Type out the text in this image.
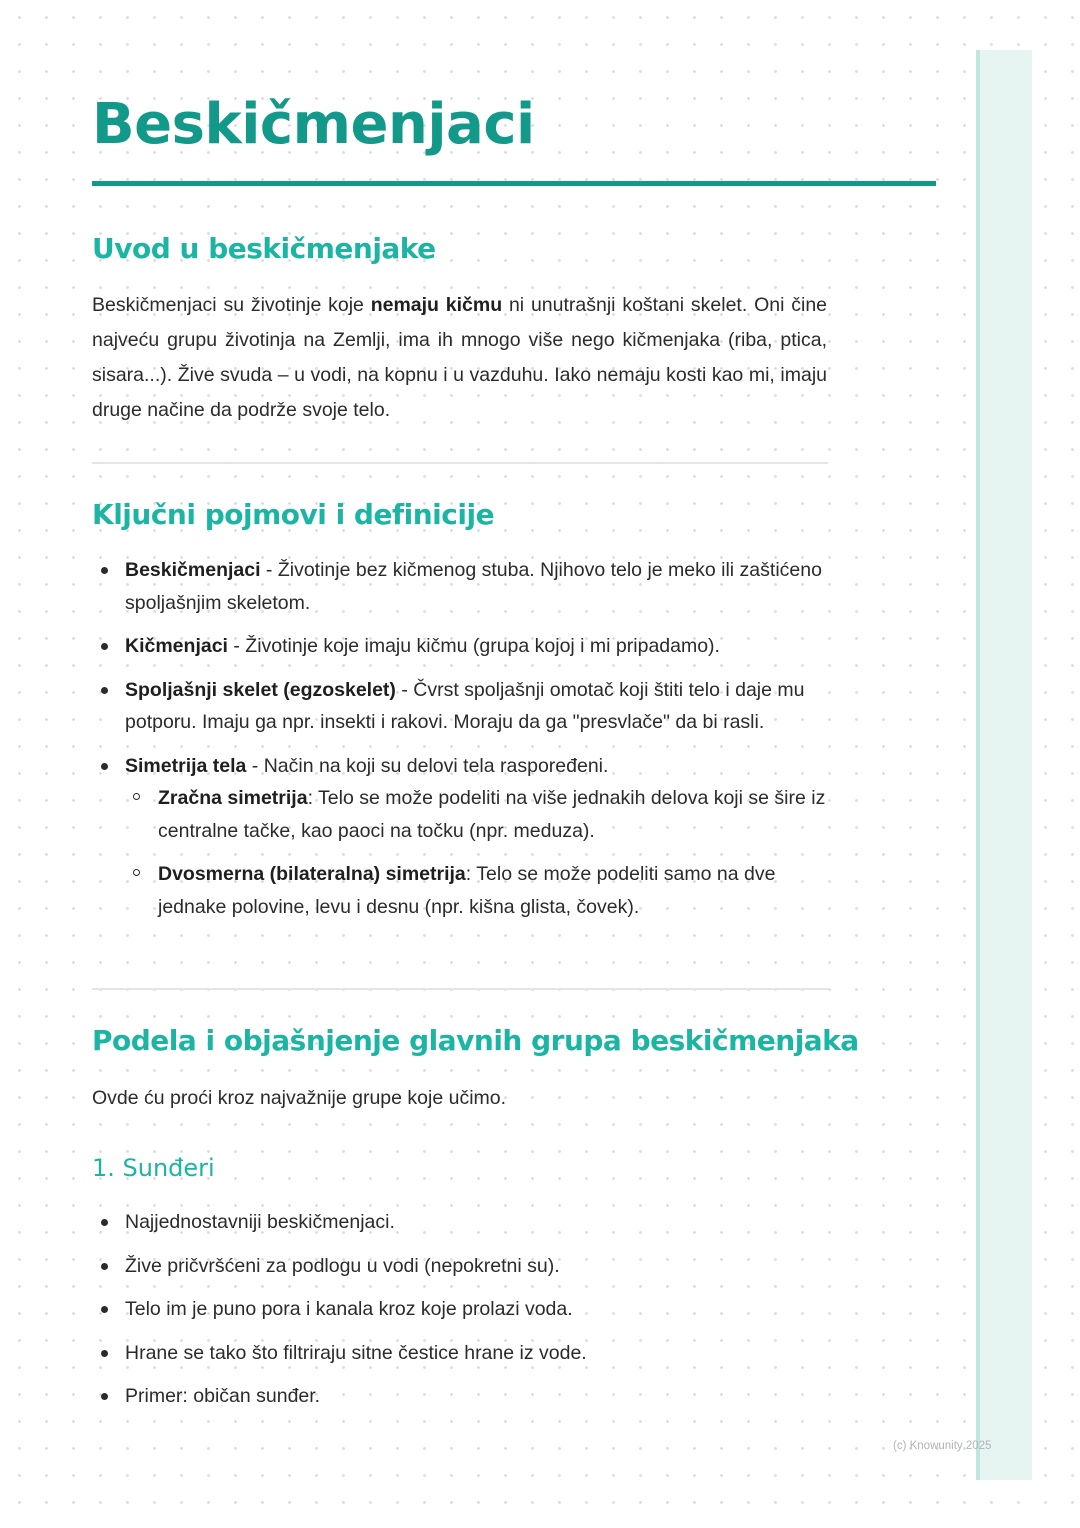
Beskičmenjaci
Uvod u beskičmenjake

Beskičmenjaci su životinje koje nemaju kičmu ni unutrašnji koštani skelet. Oni čine najveću grupu životinja na Zemlji, ima ih mnogo više nego kičmenjaka (riba, ptica, sisara...). Žive svuda – u vodi, na kopnu i u vazduhu. Iako nemaju kosti kao mi, imaju druge načine da podrže svoje telo.

Ključni pojmovi i definicije
Beskičmenjaci - Životinje bez kičmenog stuba. Njihovo telo je meko ili zaštićeno spoljašnjim skeletom.
Kičmenjaci - Životinje koje imaju kičmu (grupa kojoj i mi pripadamo).
Spoljašnji skelet (egzoskelet) - Čvrst spoljašnji omotač koji štiti telo i daje mu potporu. Imaju ga npr. insekti i rakovi. Moraju da ga "presvlače" da bi rasli.
Simetrija tela - Način na koji su delovi tela raspoređeni.
Zračna simetrija: Telo se može podeliti na više jednakih delova koji se šire iz centralne tačke, kao paoci na točku (npr. meduza).
Dvosmerna (bilateralna) simetrija: Telo se može podeliti samo na dve jednake polovine, levu i desnu (npr. kišna glista, čovek).
Podela i objašnjenje glavnih grupa beskičmenjaka

Ovde ću proći kroz najvažnije grupe koje učimo.

1. Sunđeri
Najjednostavniji beskičmenjaci.
Žive pričvršćeni za podlogu u vodi (nepokretni su).
Telo im je puno pora i kanala kroz koje prolazi voda.
Hrane se tako što filtriraju sitne čestice hrane iz vode.
Primer: običan sunđer.
(c) Knowunity 2025
